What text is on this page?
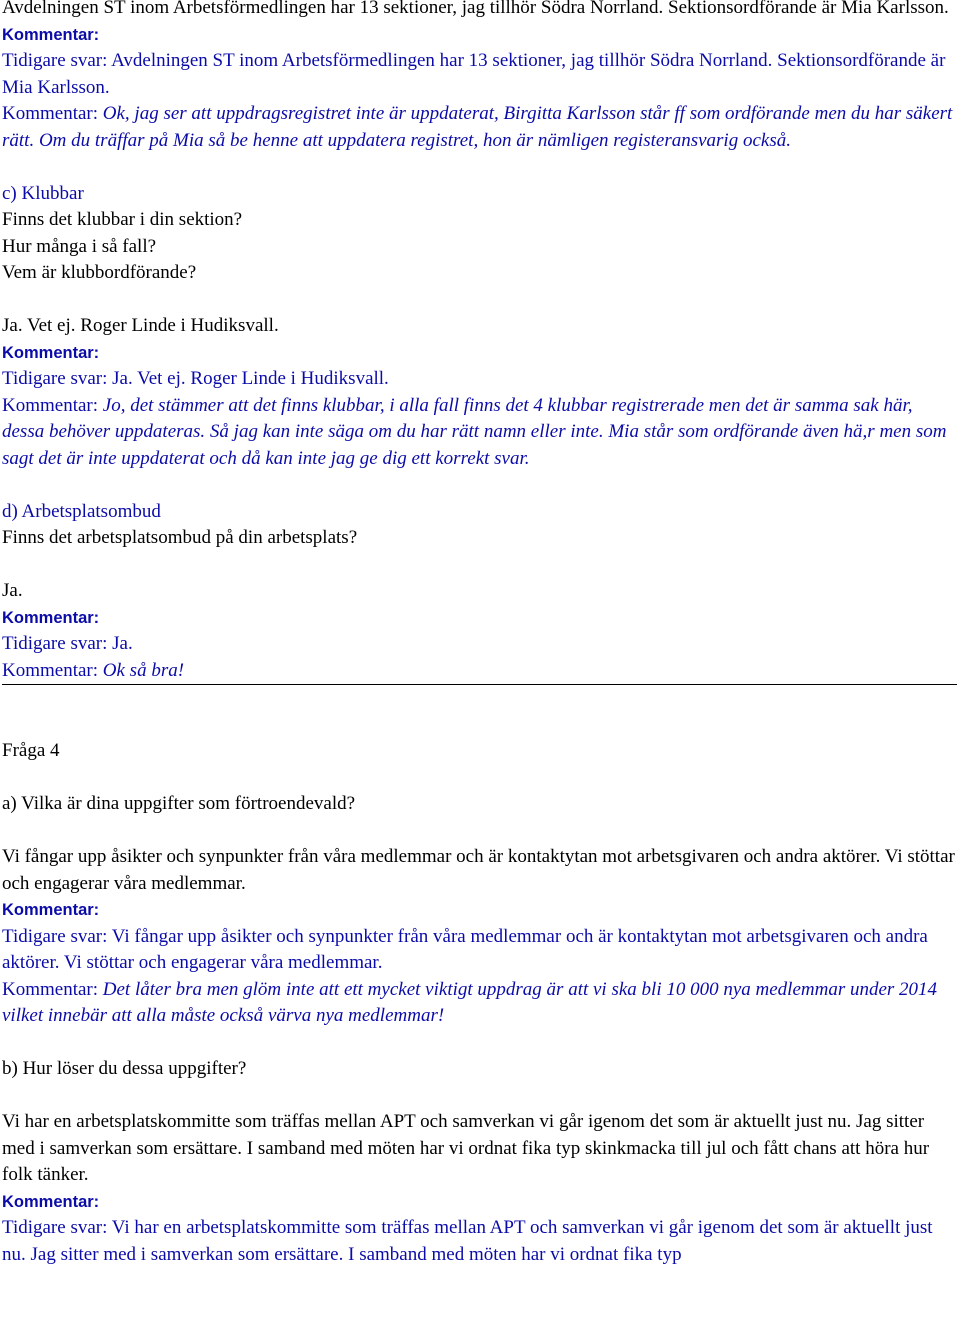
Avdelningen ST inom Arbetsförmedlingen har 13 sektioner, jag tillhör Södra Norrland. Sektionsordförande är Mia Karlsson.

Kommentar:

Tidigare svar: Avdelningen ST inom Arbetsförmedlingen har 13 sektioner, jag tillhör Södra Norrland. Sektionsordförande är Mia Karlsson.

Kommentar: Ok, jag ser att uppdragsregistret inte är uppdaterat, Birgitta Karlsson står ff som ordförande men du har säkert rätt. Om du träffar på Mia så be henne att uppdatera registret, hon är nämligen registeransvarig också.

c) Klubbar

Finns det klubbar i din sektion?

Hur många i så fall?

Vem är klubbordförande?

Ja. Vet ej. Roger Linde i Hudiksvall.

Kommentar:

Tidigare svar: Ja. Vet ej. Roger Linde i Hudiksvall.

Kommentar: Jo, det stämmer att det finns klubbar, i alla fall finns det 4 klubbar registrerade men det är samma sak här, dessa behöver uppdateras. Så jag kan inte säga om du har rätt namn eller inte. Mia står som ordförande även hä,r men som sagt det är inte uppdaterat och då kan inte jag ge dig ett korrekt svar.

d) Arbetsplatsombud

Finns det arbetsplatsombud på din arbetsplats?

Ja.

Kommentar:

Tidigare svar: Ja.

Kommentar: Ok så bra!

Fråga 4

a) Vilka är dina uppgifter som förtroendevald?

Vi fångar upp åsikter och synpunkter från våra medlemmar och är kontaktytan mot arbetsgivaren och andra aktörer. Vi stöttar och engagerar våra medlemmar.

Kommentar:

Tidigare svar: Vi fångar upp åsikter och synpunkter från våra medlemmar och är kontaktytan mot arbetsgivaren och andra aktörer. Vi stöttar och engagerar våra medlemmar.

Kommentar: Det låter bra men glöm inte att ett mycket viktigt uppdrag är att vi ska bli 10 000 nya medlemmar under 2014 vilket innebär att alla måste också värva nya medlemmar!

b) Hur löser du dessa uppgifter?

Vi har en arbetsplatskommitte som träffas mellan APT och samverkan vi går igenom det som är aktuellt just nu. Jag sitter med i samverkan som ersättare. I samband med möten har vi ordnat fika typ skinkmacka till jul och fått chans att höra hur folk tänker.

Kommentar:

Tidigare svar: Vi har en arbetsplatskommitte som träffas mellan APT och samverkan vi går igenom det som är aktuellt just nu. Jag sitter med i samverkan som ersättare. I samband med möten har vi ordnat fika typ
